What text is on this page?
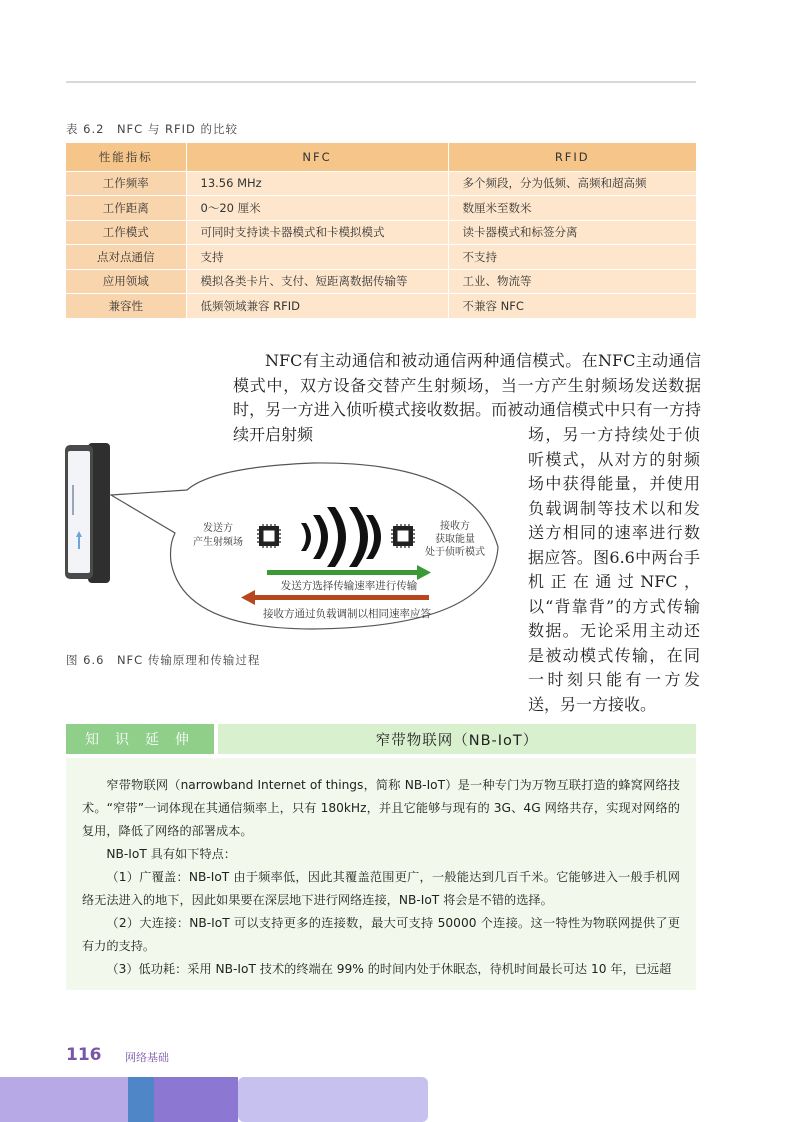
表 6.2　NFC 与 RFID 的比较
性能指标	NFC	RFID
工作频率	13.56 MHz	多个频段，分为低频、高频和超高频
工作距离	0〜20 厘米	数厘米至数米
工作模式	可同时支持读卡器模式和卡模拟模式	读卡器模式和标签分离
点对点通信	支持	不支持
应用领域	模拟各类卡片、支付、短距离数据传输等	工业、物流等
兼容性	低频领域兼容 RFID	不兼容 NFC

NFC有主动通信和被动通信两种通信模式。在NFC主动通信模式中，双方设备交替产生射频场，当一方产生射频场发送数据时，另一方进入侦听模式接收数据。而被动通信模式中只有一方持续开启射频

发送方
产生射频场
接收方
获取能量
处于侦听模式
发送方选择传输速率进行传输
接收方通过负载调制以相同速率应答

场，另一方持续处于侦听模式，从对方的射频场中获得能量，并使用负载调制等技术以和发送方相同的速率进行数据应答。图6.6中两台手机正在通过NFC，以“背靠背”的方式传输数据。无论采用主动还是被动模式传输，在同一时刻只能有一方发送，另一方接收。

图 6.6　NFC 传输原理和传输过程
知识延伸	窄带物联网（NB-IoT）

窄带物联网（narrowband Internet of things，简称 NB-IoT）是一种专门为万物互联打造的蜂窝网络技术。“窄带”一词体现在其通信频率上，只有 180kHz，并且它能够与现有的 3G、4G 网络共存，实现对网络的复用，降低了网络的部署成本。

NB-IoT 具有如下特点：

（1）广覆盖：NB-IoT 由于频率低，因此其覆盖范围更广，一般能达到几百千米。它能够进入一般手机网络无法进入的地下，因此如果要在深层地下进行网络连接，NB-IoT 将会是不错的选择。

（2）大连接：NB-IoT 可以支持更多的连接数，最大可支持 50000 个连接。这一特性为物联网提供了更有力的支持。

（3）低功耗：采用 NB-IoT 技术的终端在 99% 的时间内处于休眠态，待机时间最长可达 10 年，已远超

116 网络基础
